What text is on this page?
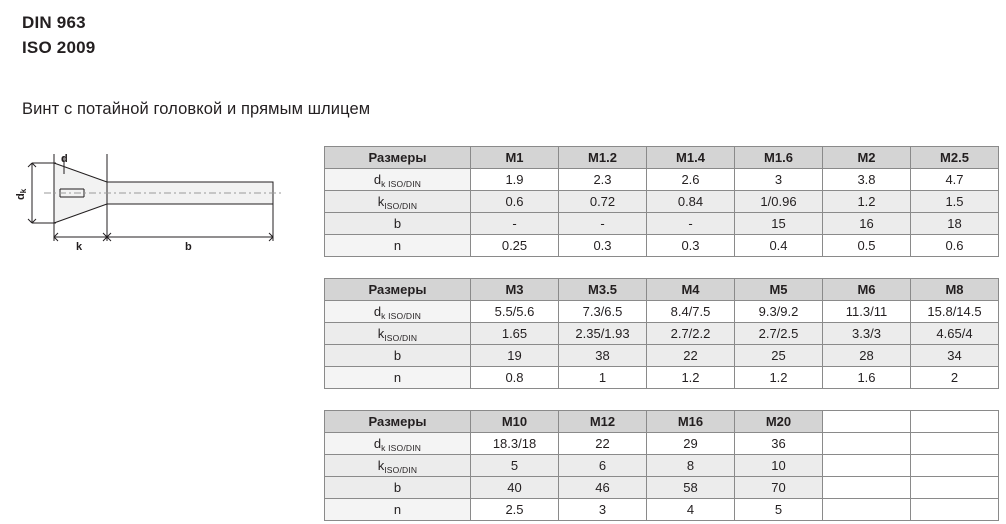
DIN 963
ISO 2009
Винт с потайной головкой и прямым шлицем
dk
d
k	b
Размеры	M1	M1.2	M1.4	M1.6	M2	M2.5
$d_{k ISO/DIN}$	1.9	2.3	2.6	3	3.8	4.7
$k_{ISO/DIN}$	0.6	0.72	0.84	1/0.96	1.2	1.5
b	-	-	-	15	16	18
n	0.25	0.3	0.3	0.4	0.5	0.6
Размеры	M3	M3.5	M4	M5	M6	M8
$d_{k ISO/DIN}$	5.5/5.6	7.3/6.5	8.4/7.5	9.3/9.2	11.3/11	15.8/14.5
$k_{ISO/DIN}$	1.65	2.35/1.93	2.7/2.2	2.7/2.5	3.3/3	4.65/4
b	19	38	22	25	28	34
n	0.8	1	1.2	1.2	1.6	2
Размеры	M10	M12	M16	M20		
$d_{k ISO/DIN}$	18.3/18	22	29	36		
$k_{ISO/DIN}$	5	6	8	10		
b	40	46	58	70		
n	2.5	3	4	5		
